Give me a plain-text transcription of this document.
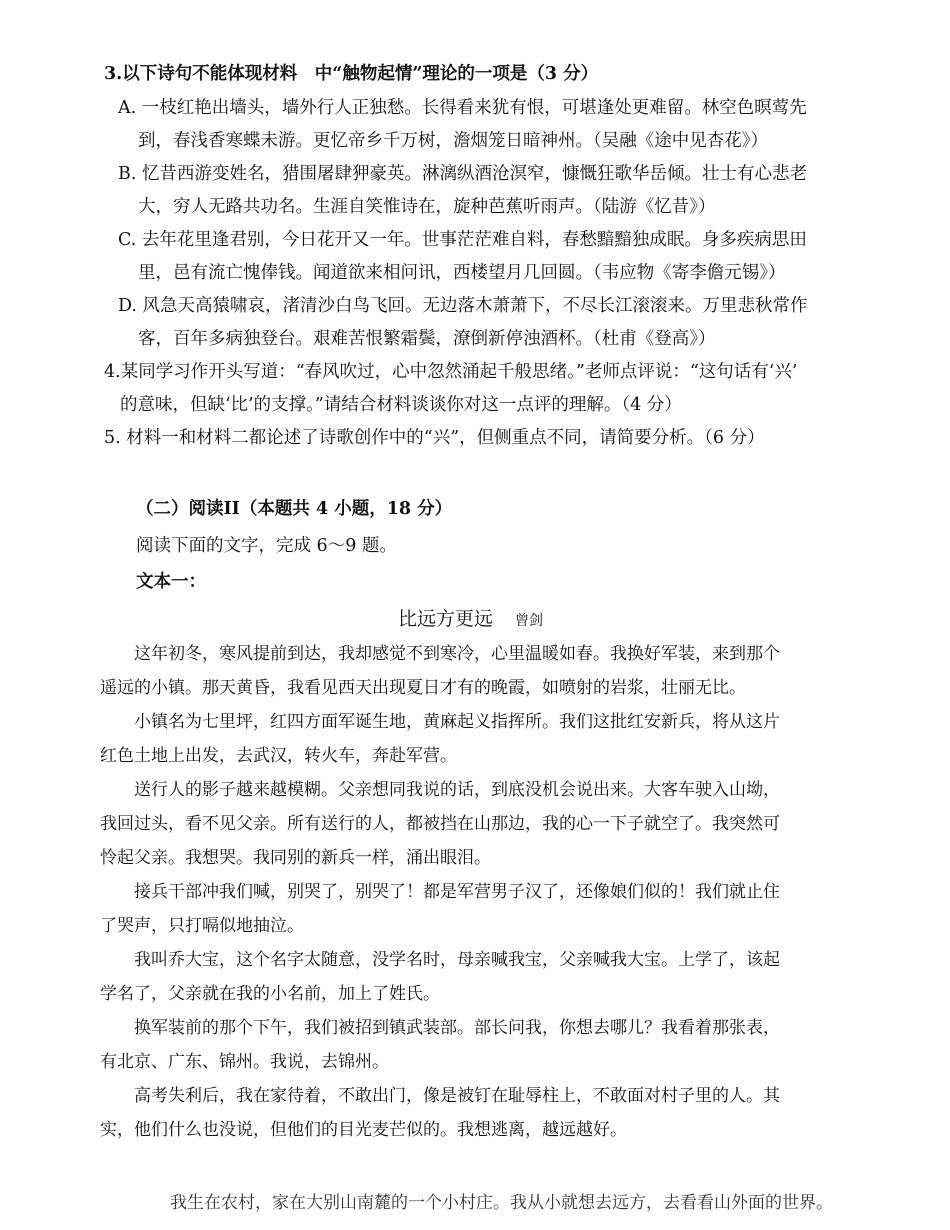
3.以下诗句不能体现材料　中“触物起情”理论的一项是（3 分）
A. 一枝红艳出墙头，墙外行人正独愁。长得看来犹有恨，可堪逢处更难留。林空色暝莺先
到，春浅香寒蝶未游。更忆帝乡千万树，澹烟笼日暗神州。（吴融《途中见杏花》）
B. 忆昔西游变姓名，猎围屠肆狎豪英。淋漓纵酒沧溟窄，慷慨狂歌华岳倾。壮士有心悲老
大，穷人无路共功名。生涯自笑惟诗在，旋种芭蕉听雨声。（陆游《忆昔》）
C. 去年花里逢君别，今日花开又一年。世事茫茫难自料，春愁黯黯独成眠。身多疾病思田
里，邑有流亡愧俸钱。闻道欲来相问讯，西楼望月几回圆。（韦应物《寄李儋元锡》）
D. 风急天高猿啸哀，渚清沙白鸟飞回。无边落木萧萧下，不尽长江滚滚来。万里悲秋常作
客，百年多病独登台。艰难苦恨繁霜鬓，潦倒新停浊酒杯。（杜甫《登高》）
4.某同学习作开头写道：“春风吹过，心中忽然涌起千般思绪。”老师点评说：“这句话有‘兴’
的意味，但缺‘比’的支撑。”请结合材料谈谈你对这一点评的理解。（4 分）
5. 材料一和材料二都论述了诗歌创作中的“兴”，但侧重点不同，请简要分析。（6 分）
（二）阅读II（本题共 4 小题，18 分）
阅读下面的文字，完成 6～9 题。
文本一：
比远方更远 曾剑
　　这年初冬，寒风提前到达，我却感觉不到寒冷，心里温暖如春。我换好军装，来到那个
遥远的小镇。那天黄昏，我看见西天出现夏日才有的晚霞，如喷射的岩浆，壮丽无比。
　　小镇名为七里坪，红四方面军诞生地，黄麻起义指挥所。我们这批红安新兵，将从这片
红色土地上出发，去武汉，转火车，奔赴军营。
　　送行人的影子越来越模糊。父亲想同我说的话，到底没机会说出来。大客车驶入山坳，
我回过头，看不见父亲。所有送行的人，都被挡在山那边，我的心一下子就空了。我突然可
怜起父亲。我想哭。我同别的新兵一样，涌出眼泪。
　　接兵干部冲我们喊，别哭了，别哭了！都是军营男子汉了，还像娘们似的！我们就止住
了哭声，只打嗝似地抽泣。
　　我叫乔大宝，这个名字太随意，没学名时，母亲喊我宝，父亲喊我大宝。上学了，该起
学名了，父亲就在我的小名前，加上了姓氏。
　　换军装前的那个下午，我们被招到镇武装部。部长问我，你想去哪儿？我看着那张表，
有北京、广东、锦州。我说，去锦州。
　　高考失利后，我在家待着，不敢出门，像是被钉在耻辱柱上，不敢面对村子里的人。其
实，他们什么也没说，但他们的目光麦芒似的。我想逃离，越远越好。
　　我生在农村，家在大别山南麓的一个小村庄。我从小就想去远方，去看看山外面的世界。
